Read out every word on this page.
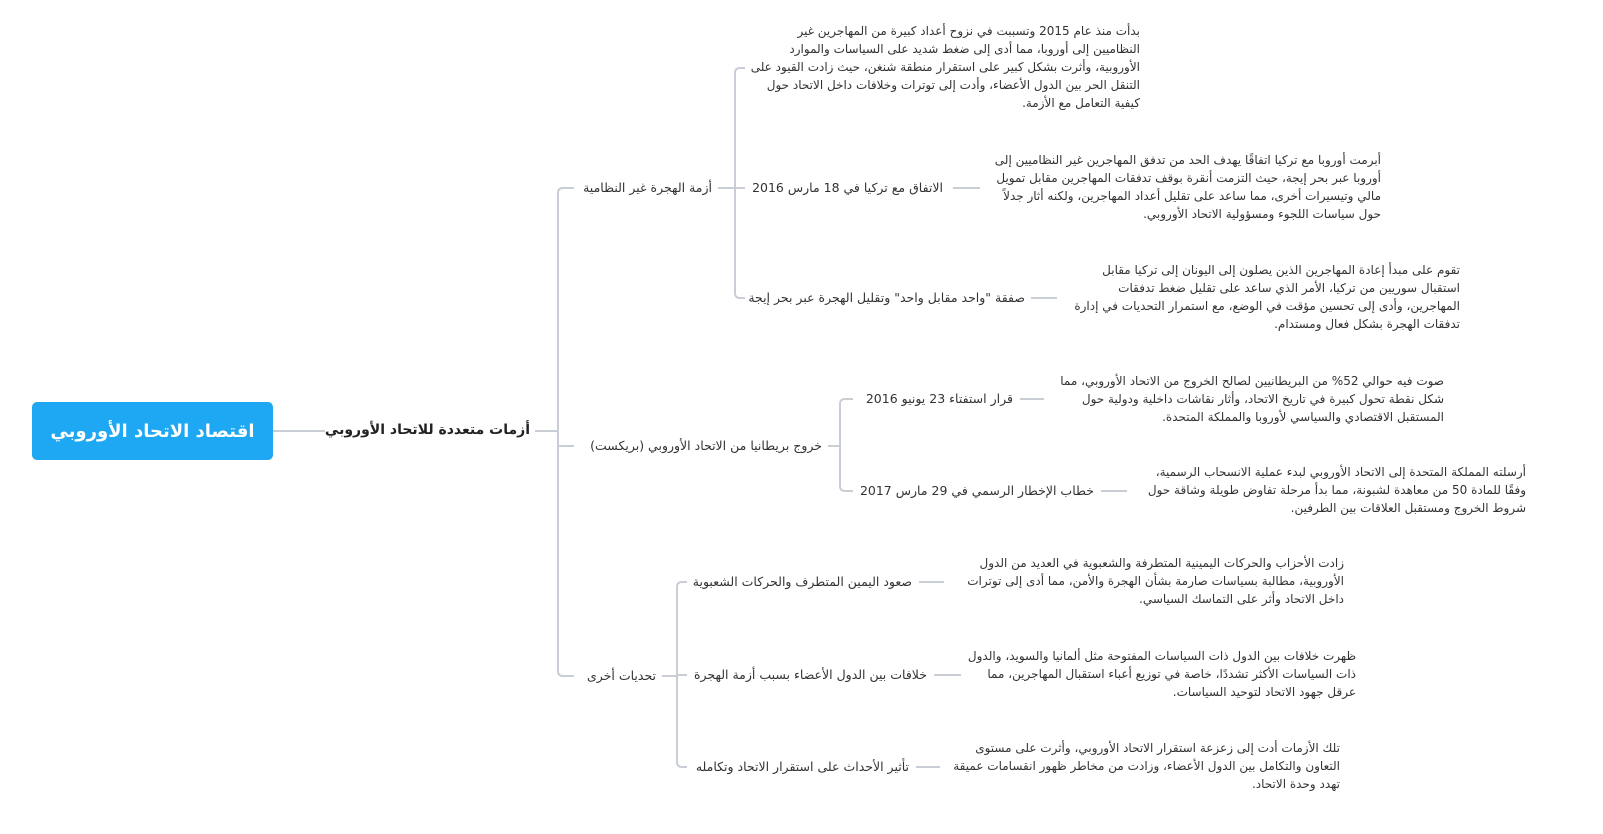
اقتصاد الاتحاد الأوروبي	أزمات متعددة للاتحاد الأوروبي
أزمة الهجرة غير النظامية
خروج بريطانيا من الاتحاد الأوروبي (بريكست)
تحديات أخرى
بدأت منذ عام 2015 وتسببت في نزوح أعداد كبيرة من المهاجرين غير النظاميين إلى أوروبا، مما أدى إلى ضغط شديد على السياسات والموارد الأوروبية، وأثرت بشكل كبير على استقرار منطقة شنغن، حيث زادت القيود على التنقل الحر بين الدول الأعضاء، وأدت إلى توترات وخلافات داخل الاتحاد حول كيفية التعامل مع الأزمة.
الاتفاق مع تركيا في 18 مارس 2016
أبرمت أوروبا مع تركيا اتفاقًا يهدف الحد من تدفق المهاجرين غير النظاميين إلى أوروبا عبر بحر إيجة، حيث التزمت أنقرة بوقف تدفقات المهاجرين مقابل تمويل مالي وتيسيرات أخرى، مما ساعد على تقليل أعداد المهاجرين، ولكنه أثار جدلاً حول سياسات اللجوء ومسؤولية الاتحاد الأوروبي.
صفقة "واحد مقابل واحد" وتقليل الهجرة عبر بحر إيجة
تقوم على مبدأ إعادة المهاجرين الذين يصلون إلى اليونان إلى تركيا مقابل استقبال سوريين من تركيا، الأمر الذي ساعد على تقليل ضغط تدفقات المهاجرين، وأدى إلى تحسين مؤقت في الوضع، مع استمرار التحديات في إدارة تدفقات الهجرة بشكل فعال ومستدام.
قرار استفتاء 23 يونيو 2016
صوت فيه حوالي 52% من البريطانيين لصالح الخروج من الاتحاد الأوروبي، مما شكل نقطة تحول كبيرة في تاريخ الاتحاد، وأثار نقاشات داخلية ودولية حول المستقبل الاقتصادي والسياسي لأوروبا والمملكة المتحدة.
خطاب الإخطار الرسمي في 29 مارس 2017
أرسلته المملكة المتحدة إلى الاتحاد الأوروبي لبدء عملية الانسحاب الرسمية، وفقًا للمادة 50 من معاهدة لشبونة، مما بدأ مرحلة تفاوض طويلة وشاقة حول شروط الخروج ومستقبل العلاقات بين الطرفين.
صعود اليمين المتطرف والحركات الشعبوية
زادت الأحزاب والحركات اليمينية المتطرفة والشعبوية في العديد من الدول الأوروبية، مطالبة بسياسات صارمة بشأن الهجرة والأمن، مما أدى إلى توترات داخل الاتحاد وأثر على التماسك السياسي.
خلافات بين الدول الأعضاء بسبب أزمة الهجرة
ظهرت خلافات بين الدول ذات السياسات المفتوحة مثل ألمانيا والسويد، والدول ذات السياسات الأكثر تشددًا، خاصة في توزيع أعباء استقبال المهاجرين، مما عرقل جهود الاتحاد لتوحيد السياسات.
تأثير الأحداث على استقرار الاتحاد وتكامله
تلك الأزمات أدت إلى زعزعة استقرار الاتحاد الأوروبي، وأثرت على مستوى التعاون والتكامل بين الدول الأعضاء، وزادت من مخاطر ظهور انقسامات عميقة تهدد وحدة الاتحاد.
